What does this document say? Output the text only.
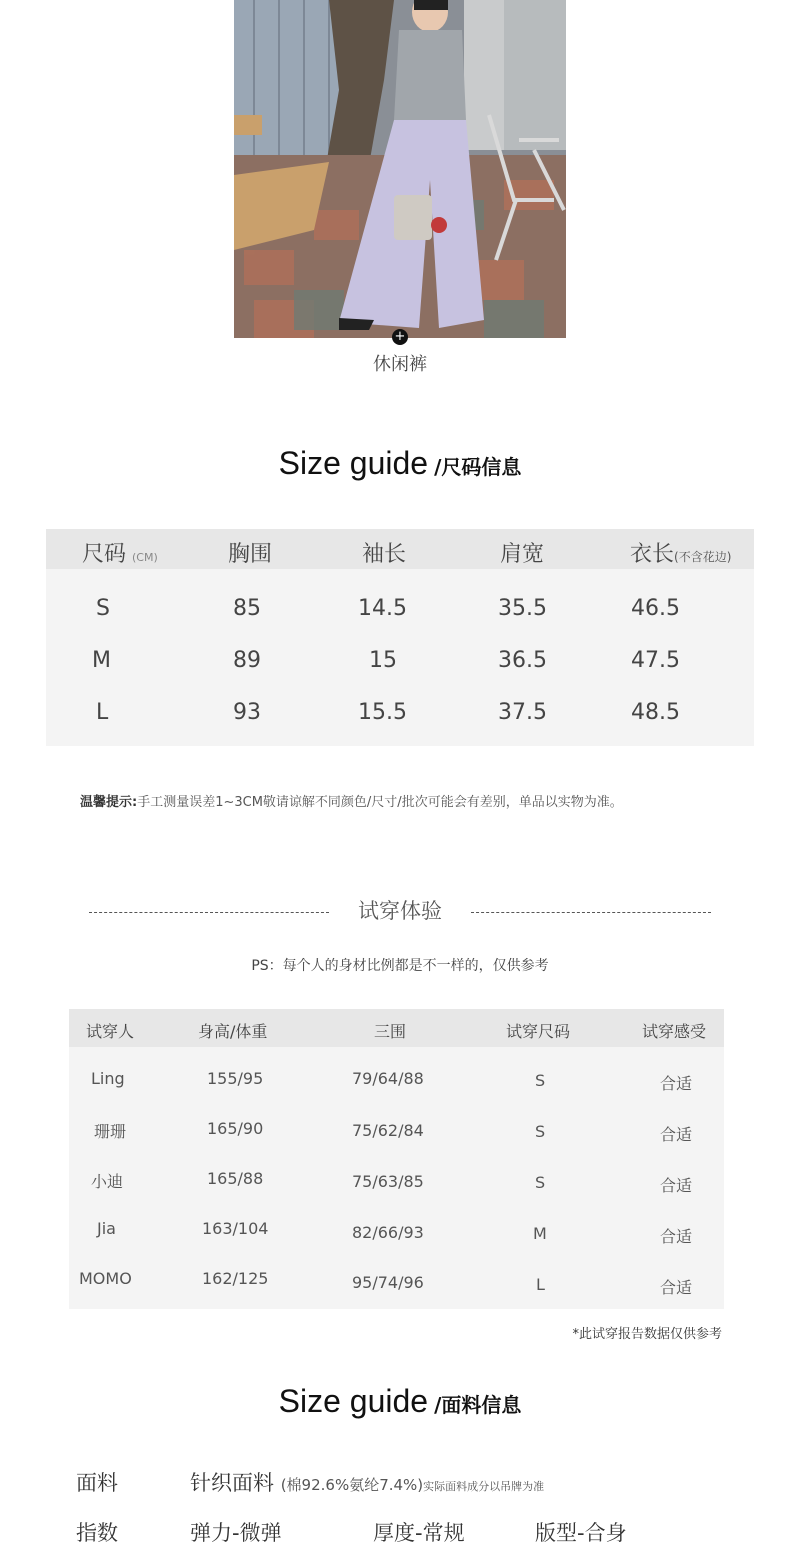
+
休闲裤
Size guide /尺码信息
尺码 (CM)	胸围	袖长	肩宽	衣长(不含花边)
S	85	14.5	35.5	46.5
M	89	15	36.5	47.5
L	93	15.5	37.5	48.5
温馨提示:手工测量误差1~3CM敬请谅解不同颜色/尺寸/批次可能会有差别，单品以实物为准。
试穿体验
PS：每个人的身材比例都是不一样的，仅供参考
试穿人	身高/体重	三围	试穿尺码	试穿感受
Ling	155/95	79/64/88	S	合适
珊珊	165/90	75/62/84	S	合适
小迪	165/88	75/63/85	S	合适
Jia	163/104	82/66/93	M	合适
MOMO	162/125	95/74/96	L	合适
*此试穿报告数据仅供参考
Size guide /面料信息
面料	针织面料 (棉92.6%氨纶7.4%)实际面料成分以吊牌为准
指数	弹力-微弹	厚度-常规	版型-合身
